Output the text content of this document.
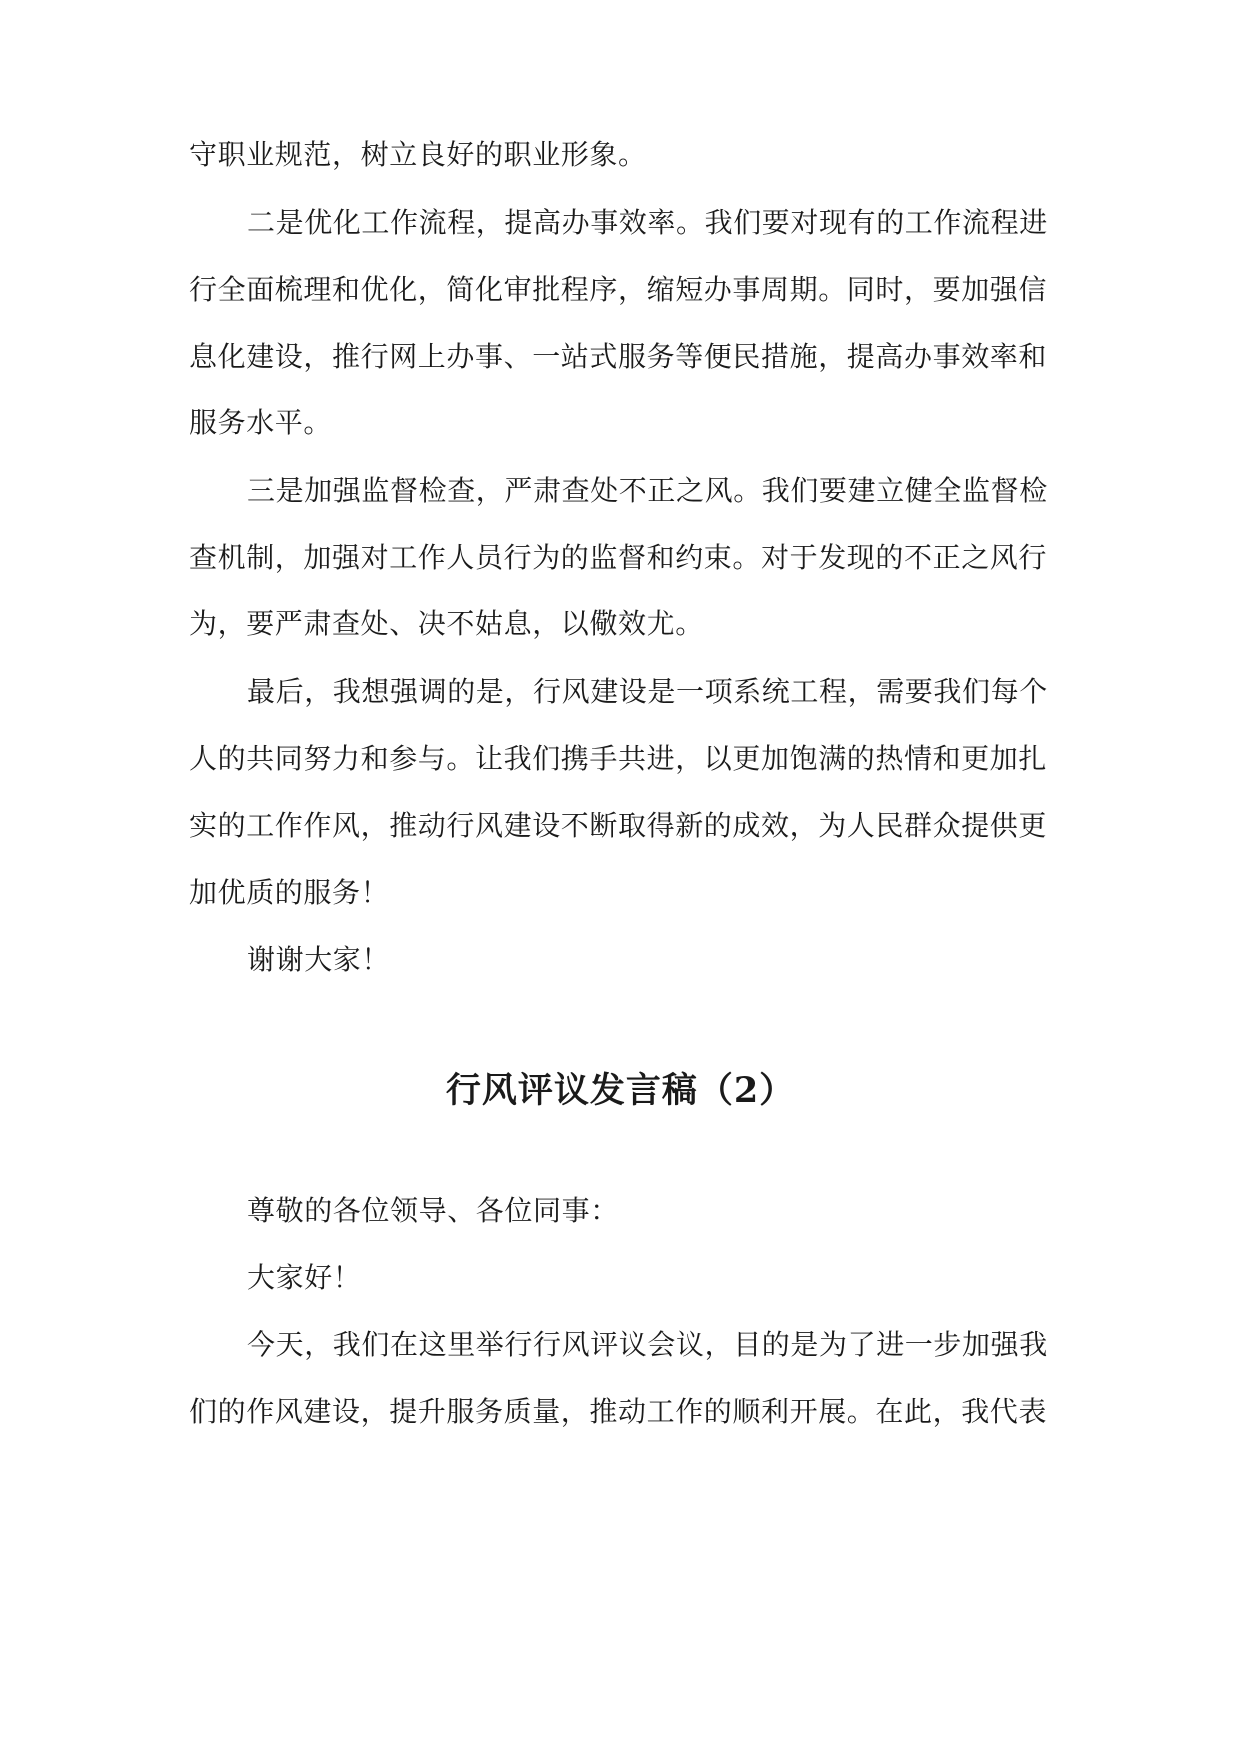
守职业规范，树立良好的职业形象。
二是优化工作流程，提高办事效率。我们要对现有的工作流程进
行全面梳理和优化，简化审批程序，缩短办事周期。同时，要加强信
息化建设，推行网上办事、一站式服务等便民措施，提高办事效率和
服务水平。
三是加强监督检查，严肃查处不正之风。我们要建立健全监督检
查机制，加强对工作人员行为的监督和约束。对于发现的不正之风行
为，要严肃查处、决不姑息，以儆效尤。
最后，我想强调的是，行风建设是一项系统工程，需要我们每个
人的共同努力和参与。让我们携手共进，以更加饱满的热情和更加扎
实的工作作风，推动行风建设不断取得新的成效，为人民群众提供更
加优质的服务！
谢谢大家！
行风评议发言稿（2）
尊敬的各位领导、各位同事：
大家好！
今天，我们在这里举行行风评议会议，目的是为了进一步加强我
们的作风建设，提升服务质量，推动工作的顺利开展。在此，我代表
